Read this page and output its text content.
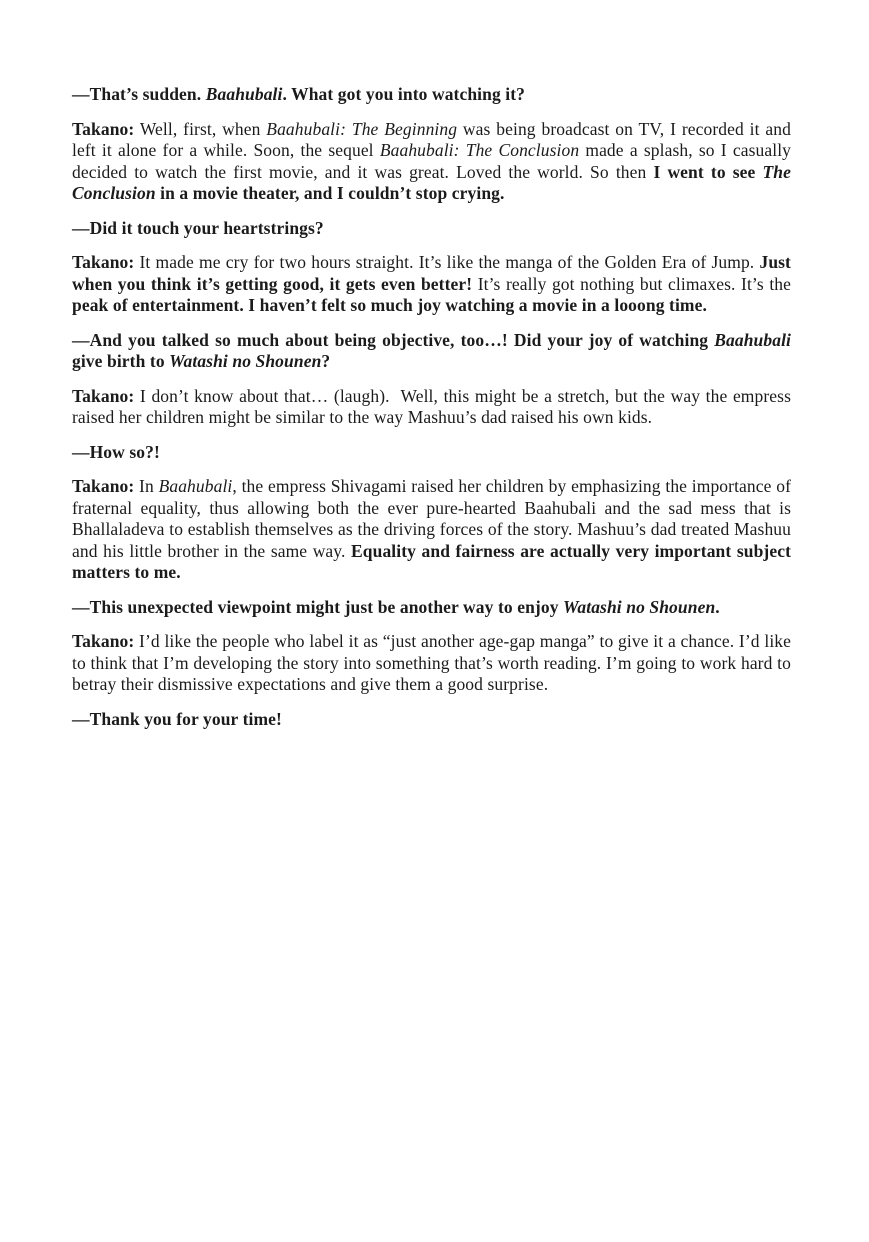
—That’s sudden. Baahubali. What got you into watching it?

Takano: Well, first, when Baahubali: The Beginning was being broadcast on TV, I recorded it and left it alone for a while. Soon, the sequel Baahubali: The Conclusion made a splash, so I casually decided to watch the first movie, and it was great. Loved the world. So then I went to see The Conclusion in a movie theater, and I couldn’t stop crying.

—Did it touch your heartstrings?

Takano: It made me cry for two hours straight. It’s like the manga of the Golden Era of Jump. Just when you think it’s getting good, it gets even better! It’s really got nothing but climaxes. It’s the peak of entertainment. I haven’t felt so much joy watching a movie in a looong time.

—And you talked so much about being objective, too…! Did your joy of watching Baahubali give birth to Watashi no Shounen?

Takano: I don’t know about that… (laugh).  Well, this might be a stretch, but the way the empress raised her children might be similar to the way Mashuu’s dad raised his own kids.

—How so?!

Takano: In Baahubali, the empress Shivagami raised her children by emphasizing the importance of fraternal equality, thus allowing both the ever pure-hearted Baahubali and the sad mess that is Bhallaladeva to establish themselves as the driving forces of the story. Mashuu’s dad treated Mashuu and his little brother in the same way. Equality and fairness are actually very important subject matters to me.

—This unexpected viewpoint might just be another way to enjoy Watashi no Shounen.

Takano: I’d like the people who label it as “just another age-gap manga” to give it a chance. I’d like to think that I’m developing the story into something that’s worth reading. I’m going to work hard to betray their dismissive expectations and give them a good surprise.

—Thank you for your time!
